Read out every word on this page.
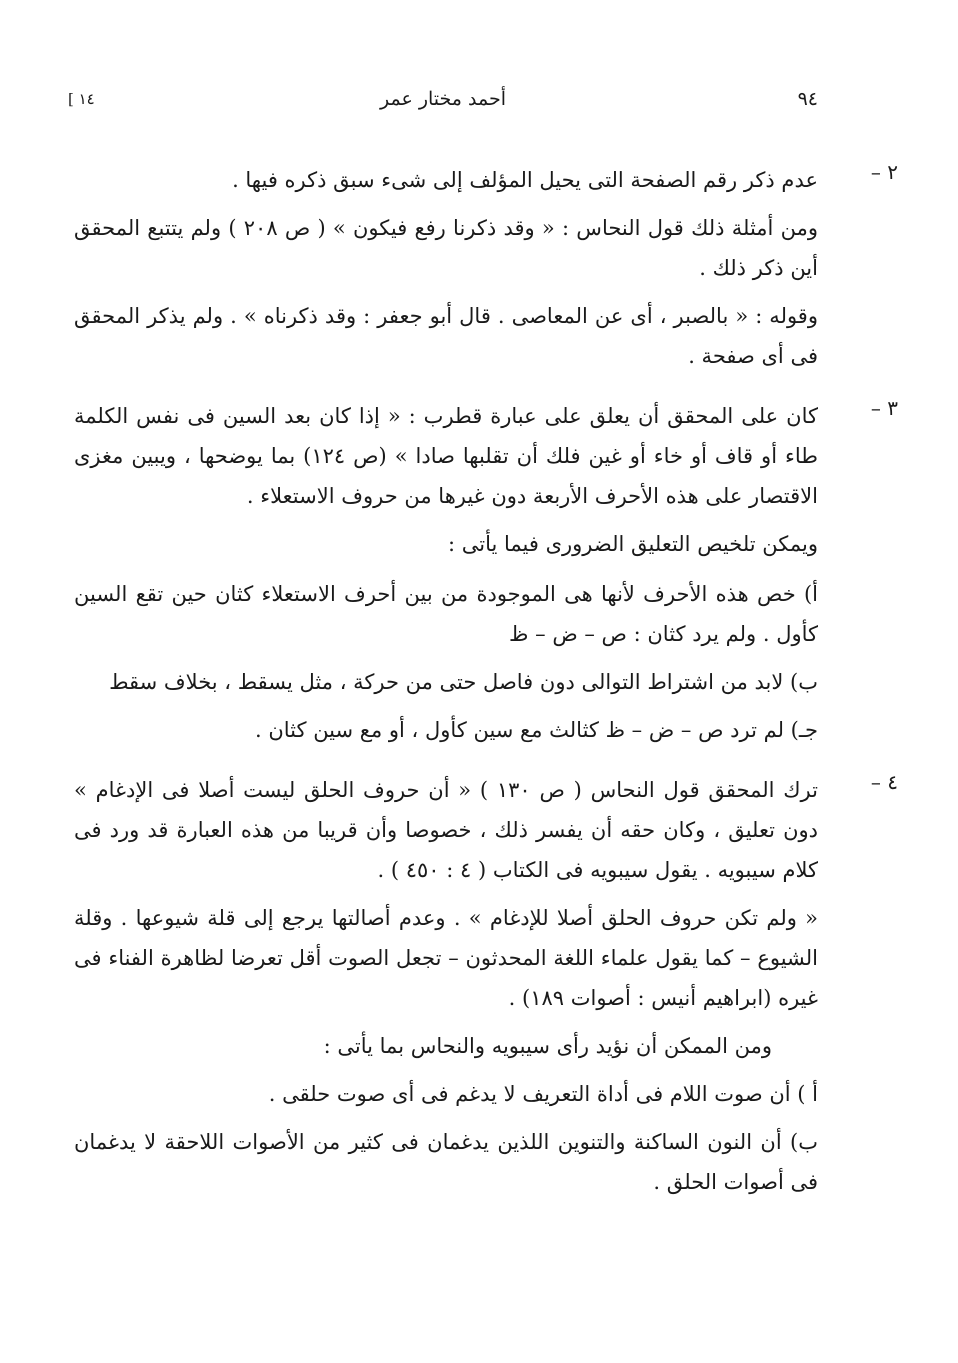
[ ١٤	أحمد مختار عمر	٩٤
٢ –

عدم ذكر رقم الصفحة التى يحيل المؤلف إلى شىء سبق ذكره فيها .

ومن أمثلة ذلك قول النحاس : « وقد ذكرنا رفع فيكون » ( ص ٢٠٨ ) ولم يتتبع المحقق أين ذكر ذلك .

وقوله : « بالصبر ، أى عن المعاصى . قال أبو جعفر : وقد ذكرناه » . ولم يذكر المحقق فى أى صفحة .

٣ –

كان على المحقق أن يعلق على عبارة قطرب : « إذا كان بعد السين فى نفس الكلمة طاء أو قاف أو خاء أو غين فلك أن تقلبها صادا » (ص ١٢٤) بما يوضحها ، ويبين مغزى الاقتصار على هذه الأحرف الأربعة دون غيرها من حروف الاستعلاء .

ويمكن تلخيص التعليق الضرورى فيما يأتى :

أ) خص هذه الأحرف لأنها هى الموجودة من بين أحرف الاستعلاء كثان حين تقع السين كأول . ولم يرد كثان : ص – ض – ظ

ب) لابد من اشتراط التوالى دون فاصل حتى من حركة ، مثل يسقط ، بخلاف سقط

جـ) لم ترد ص – ض – ظ كثالث مع سين كأول ، أو مع سين كثان .

٤ –

ترك المحقق قول النحاس ( ص ١٣٠ ) « أن حروف الحلق ليست أصلا فى الإدغام » دون تعليق ، وكان حقه أن يفسر ذلك ، خصوصا وأن قريبا من هذه العبارة قد ورد فى كلام سيبويه . يقول سيبويه فى الكتاب ( ٤ : ٤٥٠ ) .

« ولم تكن حروف الحلق أصلا للإدغام » . وعدم أصالتها يرجع إلى قلة شيوعها . وقلة الشيوع – كما يقول علماء اللغة المحدثون – تجعل الصوت أقل تعرضا لظاهرة الفناء فى غيره (ابراهيم أنيس : أصوات ١٨٩) .

ومن الممكن أن نؤيد رأى سيبويه والنحاس بما يأتى :

أ ) أن صوت اللام فى أداة التعريف لا يدغم فى أى صوت حلقى .

ب) أن النون الساكنة والتنوين اللذين يدغمان فى كثير من الأصوات اللاحقة لا يدغمان فى أصوات الحلق .
